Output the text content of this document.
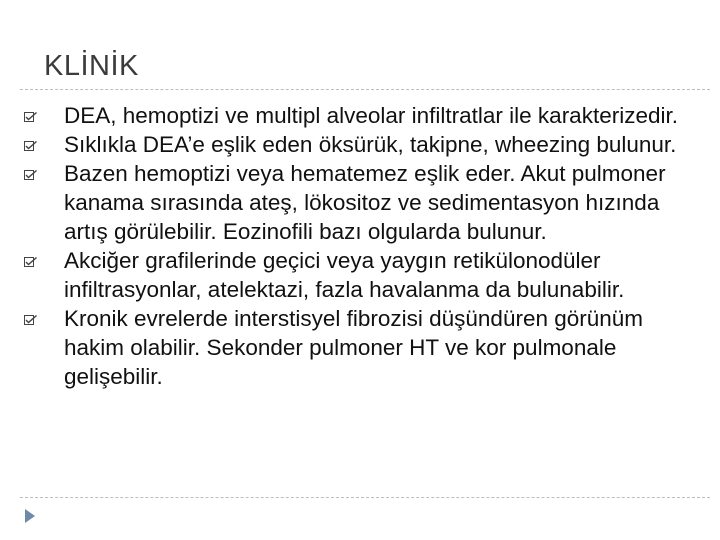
KLİNİK
DEA, hemoptizi ve multipl alveolar infiltratlar ile karakterizedir.
Sıklıkla DEA’e eşlik eden öksürük, takipne, wheezing bulunur.
Bazen hemoptizi veya hematemez eşlik eder. Akut pulmoner kanama sırasında ateş, lökositoz ve sedimentasyon hızında artış görülebilir. Eozinofili bazı olgularda bulunur.
Akciğer grafilerinde geçici veya yaygın retikülonodüler infiltrasyonlar, atelektazi, fazla havalanma da bulunabilir.
Kronik evrelerde interstisyel fibrozisi düşündüren görünüm hakim olabilir. Sekonder pulmoner HT ve kor pulmonale gelişebilir.
